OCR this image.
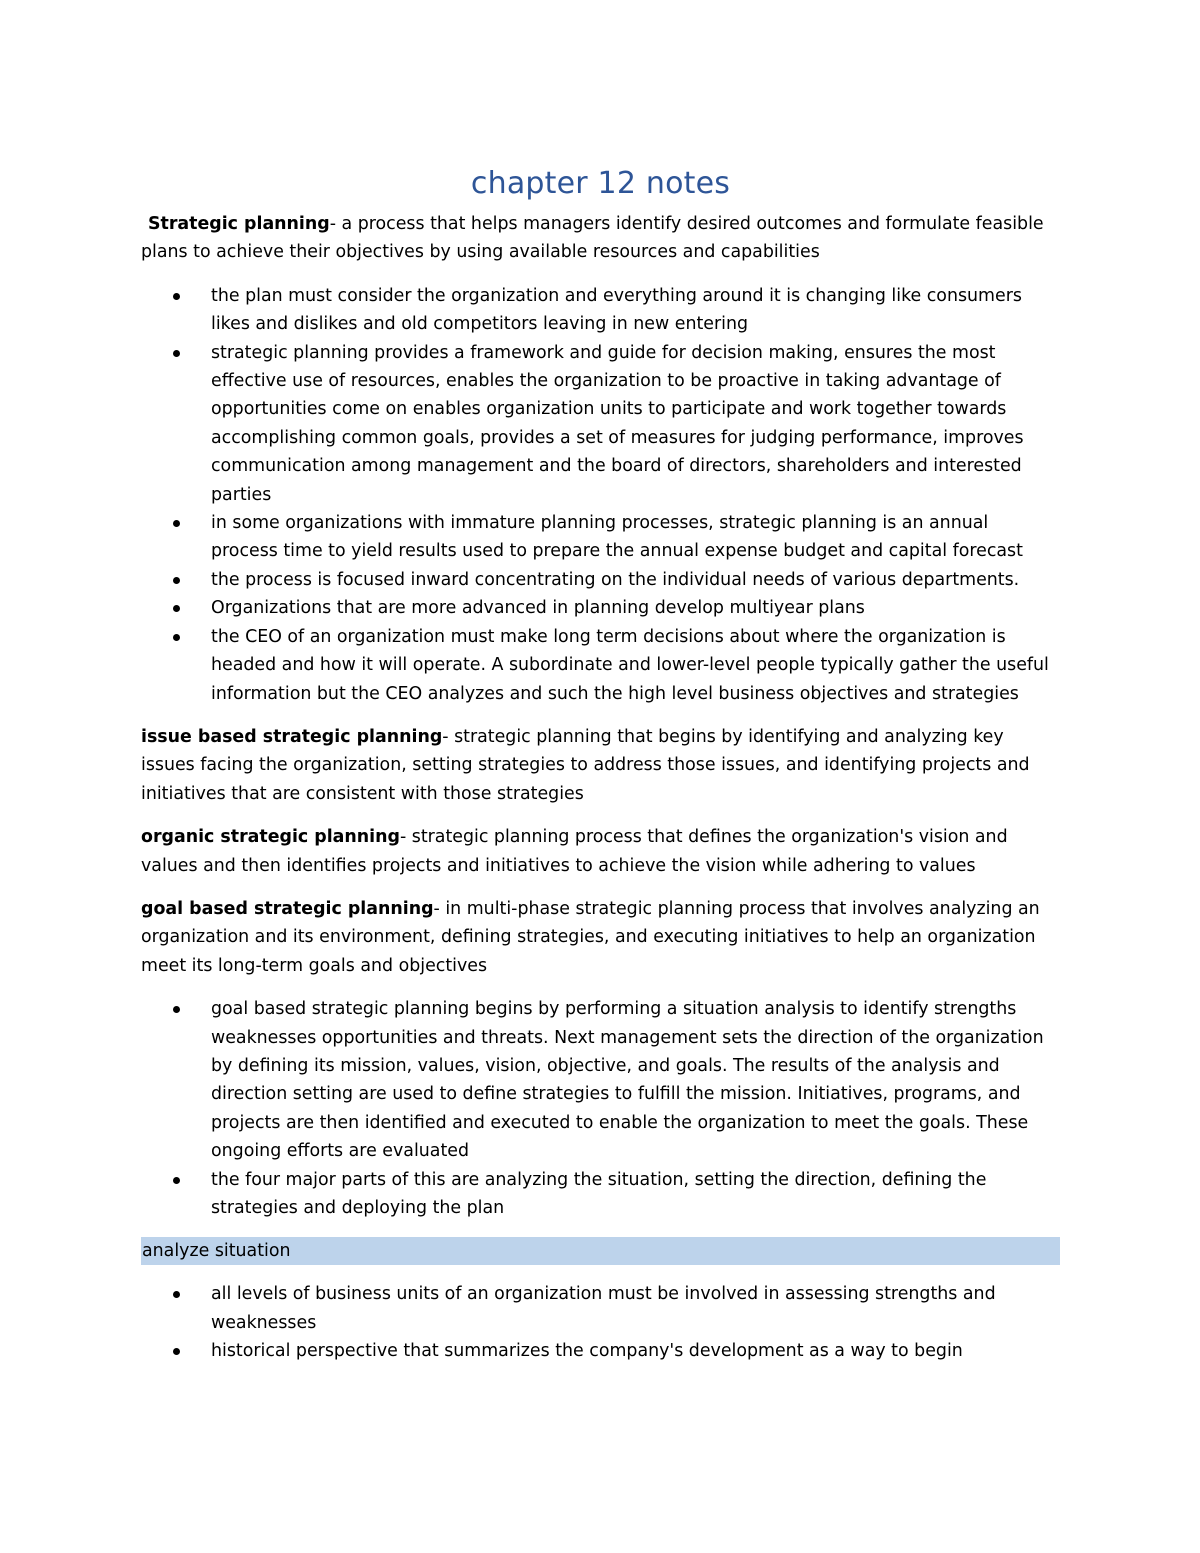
chapter 12 notes

Strategic planning- a process that helps managers identify desired outcomes and formulate feasible plans to achieve their objectives by using available resources and capabilities

the plan must consider the organization and everything around it is changing like consumers likes and dislikes and old competitors leaving in new entering
strategic planning provides a framework and guide for decision making, ensures the most effective use of resources, enables the organization to be proactive in taking advantage of opportunities come on enables organization units to participate and work together towards accomplishing common goals, provides a set of measures for judging performance, improves communication among management and the board of directors, shareholders and interested parties
in some organizations with immature planning processes, strategic planning is an annual process time to yield results used to prepare the annual expense budget and capital forecast
the process is focused inward concentrating on the individual needs of various departments.
Organizations that are more advanced in planning develop multiyear plans
the CEO of an organization must make long term decisions about where the organization is headed and how it will operate. A subordinate and lower-level people typically gather the useful information but the CEO analyzes and such the high level business objectives and strategies

issue based strategic planning- strategic planning that begins by identifying and analyzing key issues facing the organization, setting strategies to address those issues, and identifying projects and initiatives that are consistent with those strategies

organic strategic planning- strategic planning process that defines the organization's vision and values and then identifies projects and initiatives to achieve the vision while adhering to values

goal based strategic planning- in multi-phase strategic planning process that involves analyzing an organization and its environment, defining strategies, and executing initiatives to help an organization meet its long-term goals and objectives

goal based strategic planning begins by performing a situation analysis to identify strengths weaknesses opportunities and threats. Next management sets the direction of the organization by defining its mission, values, vision, objective, and goals. The results of the analysis and direction setting are used to define strategies to fulfill the mission. Initiatives, programs, and projects are then identified and executed to enable the organization to meet the goals. These ongoing efforts are evaluated
the four major parts of this are analyzing the situation, setting the direction, defining the strategies and deploying the plan
analyze situation
all levels of business units of an organization must be involved in assessing strengths and weaknesses
historical perspective that summarizes the company's development as a way to begin
